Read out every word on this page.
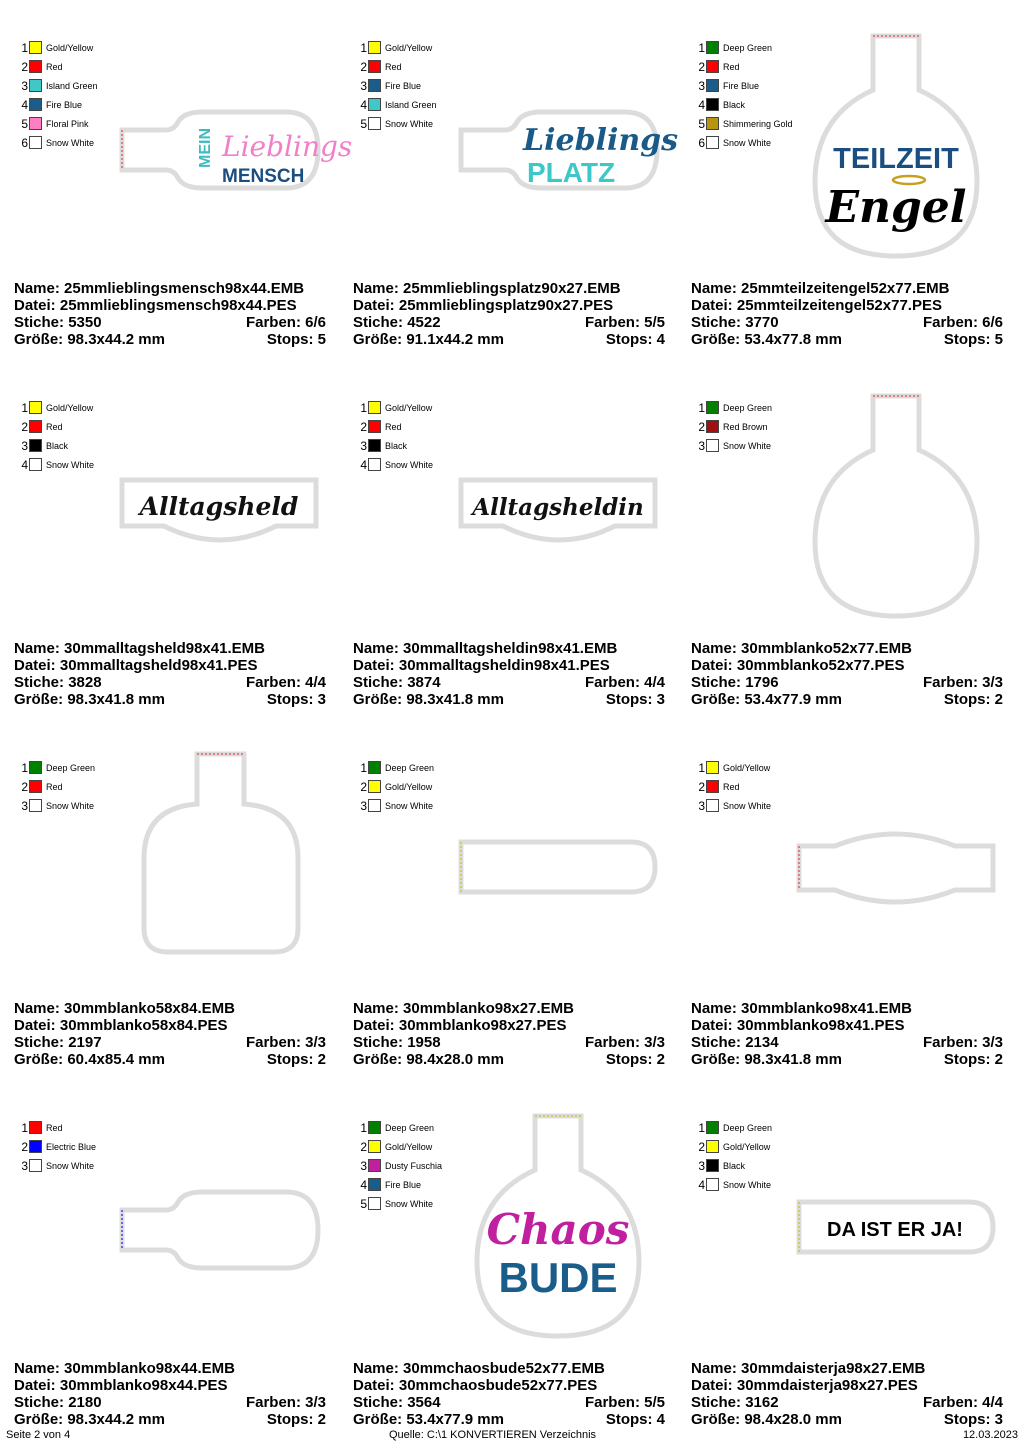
1 Gold/Yellow
2 Red
3 Island Green
4 Fire Blue
5 Floral Pink
6 Snow White	MEIN Lieblings
MENSCH
Name: 25mmlieblingsmensch98x44.EMB
Datei: 25mmlieblingsmensch98x44.PES
Stiche: 5350	Farben: 6/6
Größe: 98.3x44.2 mm	Stops: 5
1 Gold/Yellow
2 Red
3 Fire Blue
4 Island Green
5 Snow White	Lieblings
PLATZ
Name: 25mmlieblingsplatz90x27.EMB
Datei: 25mmlieblingsplatz90x27.PES
Stiche: 4522	Farben: 5/5
Größe: 91.1x44.2 mm	Stops: 4
1 Deep Green
2 Red
3 Fire Blue
4 Black
5 Shimmering Gold
6 Snow White
TEILZEIT
Engel
Name: 25mmteilzeitengel52x77.EMB
Datei: 25mmteilzeitengel52x77.PES
Stiche: 3770	Farben: 6/6
Größe: 53.4x77.8 mm	Stops: 5
1 Gold/Yellow
2 Red
3 Black
4 Snow White
Alltagsheld
Name: 30mmalltagsheld98x41.EMB
Datei: 30mmalltagsheld98x41.PES
Stiche: 3828	Farben: 4/4
Größe: 98.3x41.8 mm	Stops: 3
1 Gold/Yellow
2 Red
3 Black
4 Snow White
Alltagsheldin
Name: 30mmalltagsheldin98x41.EMB
Datei: 30mmalltagsheldin98x41.PES
Stiche: 3874	Farben: 4/4
Größe: 98.3x41.8 mm	Stops: 3
1 Deep Green
2 Red Brown
3 Snow White
Name: 30mmblanko52x77.EMB
Datei: 30mmblanko52x77.PES
Stiche: 1796	Farben: 3/3
Größe: 53.4x77.9 mm	Stops: 2
1 Deep Green
2 Red
3 Snow White
Name: 30mmblanko58x84.EMB
Datei: 30mmblanko58x84.PES
Stiche: 2197	Farben: 3/3
Größe: 60.4x85.4 mm	Stops: 2
1 Deep Green
2 Gold/Yellow
3 Snow White
Name: 30mmblanko98x27.EMB
Datei: 30mmblanko98x27.PES
Stiche: 1958	Farben: 3/3
Größe: 98.4x28.0 mm	Stops: 2
1 Gold/Yellow
2 Red
3 Snow White
Name: 30mmblanko98x41.EMB
Datei: 30mmblanko98x41.PES
Stiche: 2134	Farben: 3/3
Größe: 98.3x41.8 mm	Stops: 2
1 Red
2 Electric Blue
3 Snow White
Name: 30mmblanko98x44.EMB
Datei: 30mmblanko98x44.PES
Stiche: 2180	Farben: 3/3
Größe: 98.3x44.2 mm	Stops: 2
1 Deep Green
2 Gold/Yellow
3 Dusty Fuschia
4 Fire Blue
5 Snow White
Chaos
BUDE
Name: 30mmchaosbude52x77.EMB
Datei: 30mmchaosbude52x77.PES
Stiche: 3564	Farben: 5/5
Größe: 53.4x77.9 mm	Stops: 4
1 Deep Green
2 Gold/Yellow
3 Black
4 Snow White
DA IST ER JA!
Name: 30mmdaisterja98x27.EMB
Datei: 30mmdaisterja98x27.PES
Stiche: 3162	Farben: 4/4
Größe: 98.4x28.0 mm	Stops: 3
Seite 2 von 4	Quelle: C:\1 KONVERTIEREN Verzeichnis	12.03.2023
